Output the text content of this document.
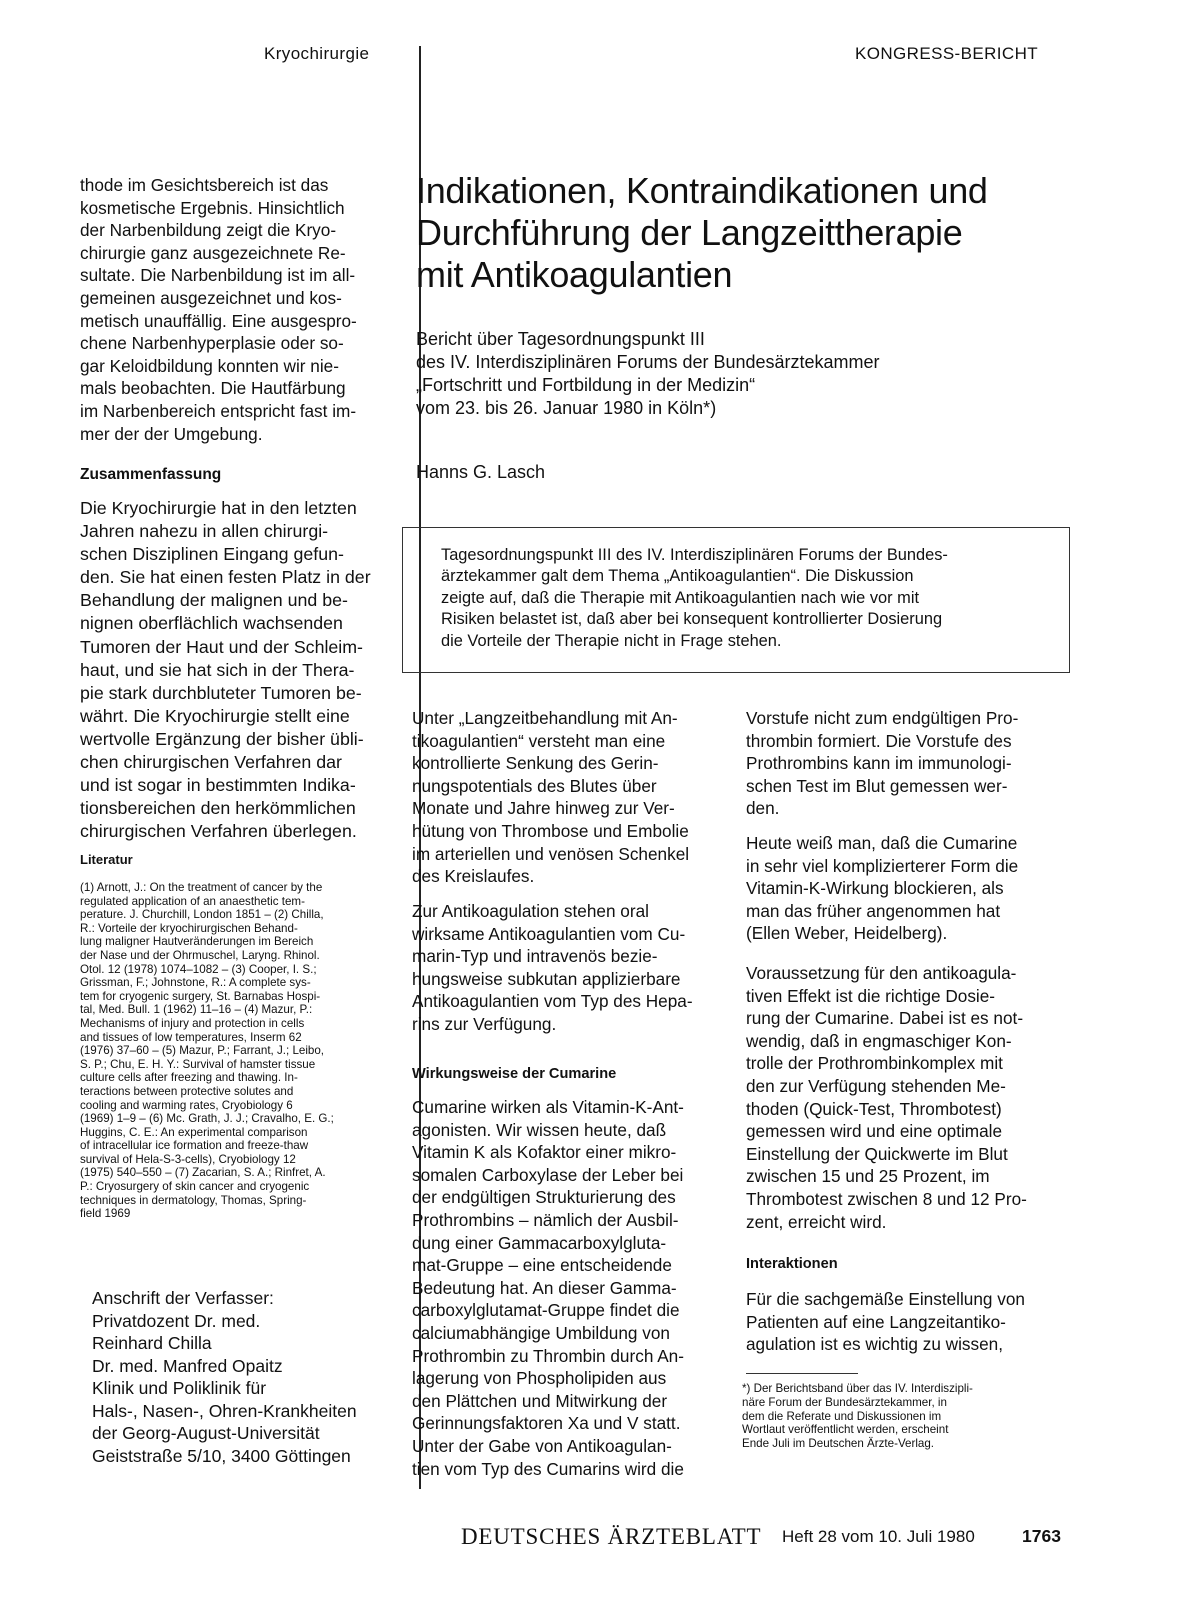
Kryochirurgie	KONGRESS-BERICHT

thode im Gesichtsbereich ist das
kosmetische Ergebnis. Hinsichtlich
der Narbenbildung zeigt die Kryo-
chirurgie ganz ausgezeichnete Re-
sultate. Die Narbenbildung ist im all-
gemeinen ausgezeichnet und kos-
metisch unauffällig. Eine ausgespro-
chene Narbenhyperplasie oder so-
gar Keloidbildung konnten wir nie-
mals beobachten. Die Hautfärbung
im Narbenbereich entspricht fast im-
mer der der Umgebung.

Zusammenfassung

Die Kryochirurgie hat in den letzten
Jahren nahezu in allen chirurgi-
schen Disziplinen Eingang gefun-
den. Sie hat einen festen Platz in der
Behandlung der malignen und be-
nignen oberflächlich wachsenden
Tumoren der Haut und der Schleim-
haut, und sie hat sich in der Thera-
pie stark durchbluteter Tumoren be-
währt. Die Kryochirurgie stellt eine
wertvolle Ergänzung der bisher übli-
chen chirurgischen Verfahren dar
und ist sogar in bestimmten Indika-
tionsbereichen den herkömmlichen
chirurgischen Verfahren überlegen.

Literatur

(1) Arnott, J.: On the treatment of cancer by the
regulated application of an anaesthetic tem-
perature. J. Churchill, London 1851 – (2) Chilla,
R.: Vorteile der kryochirurgischen Behand-
lung maligner Hautveränderungen im Bereich
der Nase und der Ohrmuschel, Laryng. Rhinol.
Otol. 12 (1978) 1074–1082 – (3) Cooper, I. S.;
Grissman, F.; Johnstone, R.: A complete sys-
tem for cryogenic surgery, St. Barnabas Hospi-
tal, Med. Bull. 1 (1962) 11–16 – (4) Mazur, P.:
Mechanisms of injury and protection in cells
and tissues of low temperatures, Inserm 62
(1976) 37–60 – (5) Mazur, P.; Farrant, J.; Leibo,
S. P.; Chu, E. H. Y.: Survival of hamster tissue
culture cells after freezing and thawing. In-
teractions between protective solutes and
cooling and warming rates, Cryobiology 6
(1969) 1–9 – (6) Mc. Grath, J. J.; Cravalho, E. G.;
Huggins, C. E.: An experimental comparison
of intracellular ice formation and freeze-thaw
survival of Hela-S-3-cells), Cryobiology 12
(1975) 540–550 – (7) Zacarian, S. A.; Rinfret, A.
P.: Cryosurgery of skin cancer and cryogenic
techniques in dermatology, Thomas, Spring-
field 1969

Anschrift der Verfasser:
Privatdozent Dr. med.
Reinhard Chilla
Dr. med. Manfred Opaitz
Klinik und Poliklinik für
Hals-, Nasen-, Ohren-Krankheiten
der Georg-August-Universität
Geiststraße 5/10, 3400 Göttingen

Indikationen, Kontraindikationen und
Durchführung der Langzeittherapie
mit Antikoagulantien

Bericht über Tagesordnungspunkt III
des IV. Interdisziplinären Forums der Bundesärztekammer
„Fortschritt und Fortbildung in der Medizin“
vom 23. bis 26. Januar 1980 in Köln*)

Hanns G. Lasch

Tagesordnungspunkt III des IV. Interdisziplinären Forums der Bundes-
ärztekammer galt dem Thema „Antikoagulantien“. Die Diskussion
zeigte auf, daß die Therapie mit Antikoagulantien nach wie vor mit
Risiken belastet ist, daß aber bei konsequent kontrollierter Dosierung
die Vorteile der Therapie nicht in Frage stehen.

Unter „Langzeitbehandlung mit An-
tikoagulantien“ versteht man eine
kontrollierte Senkung des Gerin-
nungspotentials des Blutes über
Monate und Jahre hinweg zur Ver-
hütung von Thrombose und Embolie
im arteriellen und venösen Schenkel
des Kreislaufes.

Zur Antikoagulation stehen oral
wirksame Antikoagulantien vom Cu-
marin-Typ und intravenös bezie-
hungsweise subkutan applizierbare
Antikoagulantien vom Typ des Hepa-
rins zur Verfügung.

Wirkungsweise der Cumarine

Cumarine wirken als Vitamin-K-Ant-
agonisten. Wir wissen heute, daß
Vitamin K als Kofaktor einer mikro-
somalen Carboxylase der Leber bei
der endgültigen Strukturierung des
Prothrombins – nämlich der Ausbil-
dung einer Gammacarboxylgluta-
mat-Gruppe – eine entscheidende
Bedeutung hat. An dieser Gamma-
carboxylglutamat-Gruppe findet die
calciumabhängige Umbildung von
Prothrombin zu Thrombin durch An-
lagerung von Phospholipiden aus
den Plättchen und Mitwirkung der
Gerinnungsfaktoren Xa und V statt.
Unter der Gabe von Antikoagulan-
tien vom Typ des Cumarins wird die

Vorstufe nicht zum endgültigen Pro-
thrombin formiert. Die Vorstufe des
Prothrombins kann im immunologi-
schen Test im Blut gemessen wer-
den.

Heute weiß man, daß die Cumarine
in sehr viel komplizierterer Form die
Vitamin-K-Wirkung blockieren, als
man das früher angenommen hat
(Ellen Weber, Heidelberg).

Voraussetzung für den antikoagula-
tiven Effekt ist die richtige Dosie-
rung der Cumarine. Dabei ist es not-
wendig, daß in engmaschiger Kon-
trolle der Prothrombinkomplex mit
den zur Verfügung stehenden Me-
thoden (Quick-Test, Thrombotest)
gemessen wird und eine optimale
Einstellung der Quickwerte im Blut
zwischen 15 und 25 Prozent, im
Thrombotest zwischen 8 und 12 Pro-
zent, erreicht wird.

Interaktionen

Für die sachgemäße Einstellung von
Patienten auf eine Langzeitantiko-
agulation ist es wichtig zu wissen,

*) Der Berichtsband über das IV. Interdiszipli-
näre Forum der Bundesärztekammer, in
dem die Referate und Diskussionen im
Wortlaut veröffentlicht werden, erscheint
Ende Juli im Deutschen Ärzte-Verlag.

DEUTSCHES ÄRZTEBLATT Heft 28 vom 10. Juli 1980	1763
